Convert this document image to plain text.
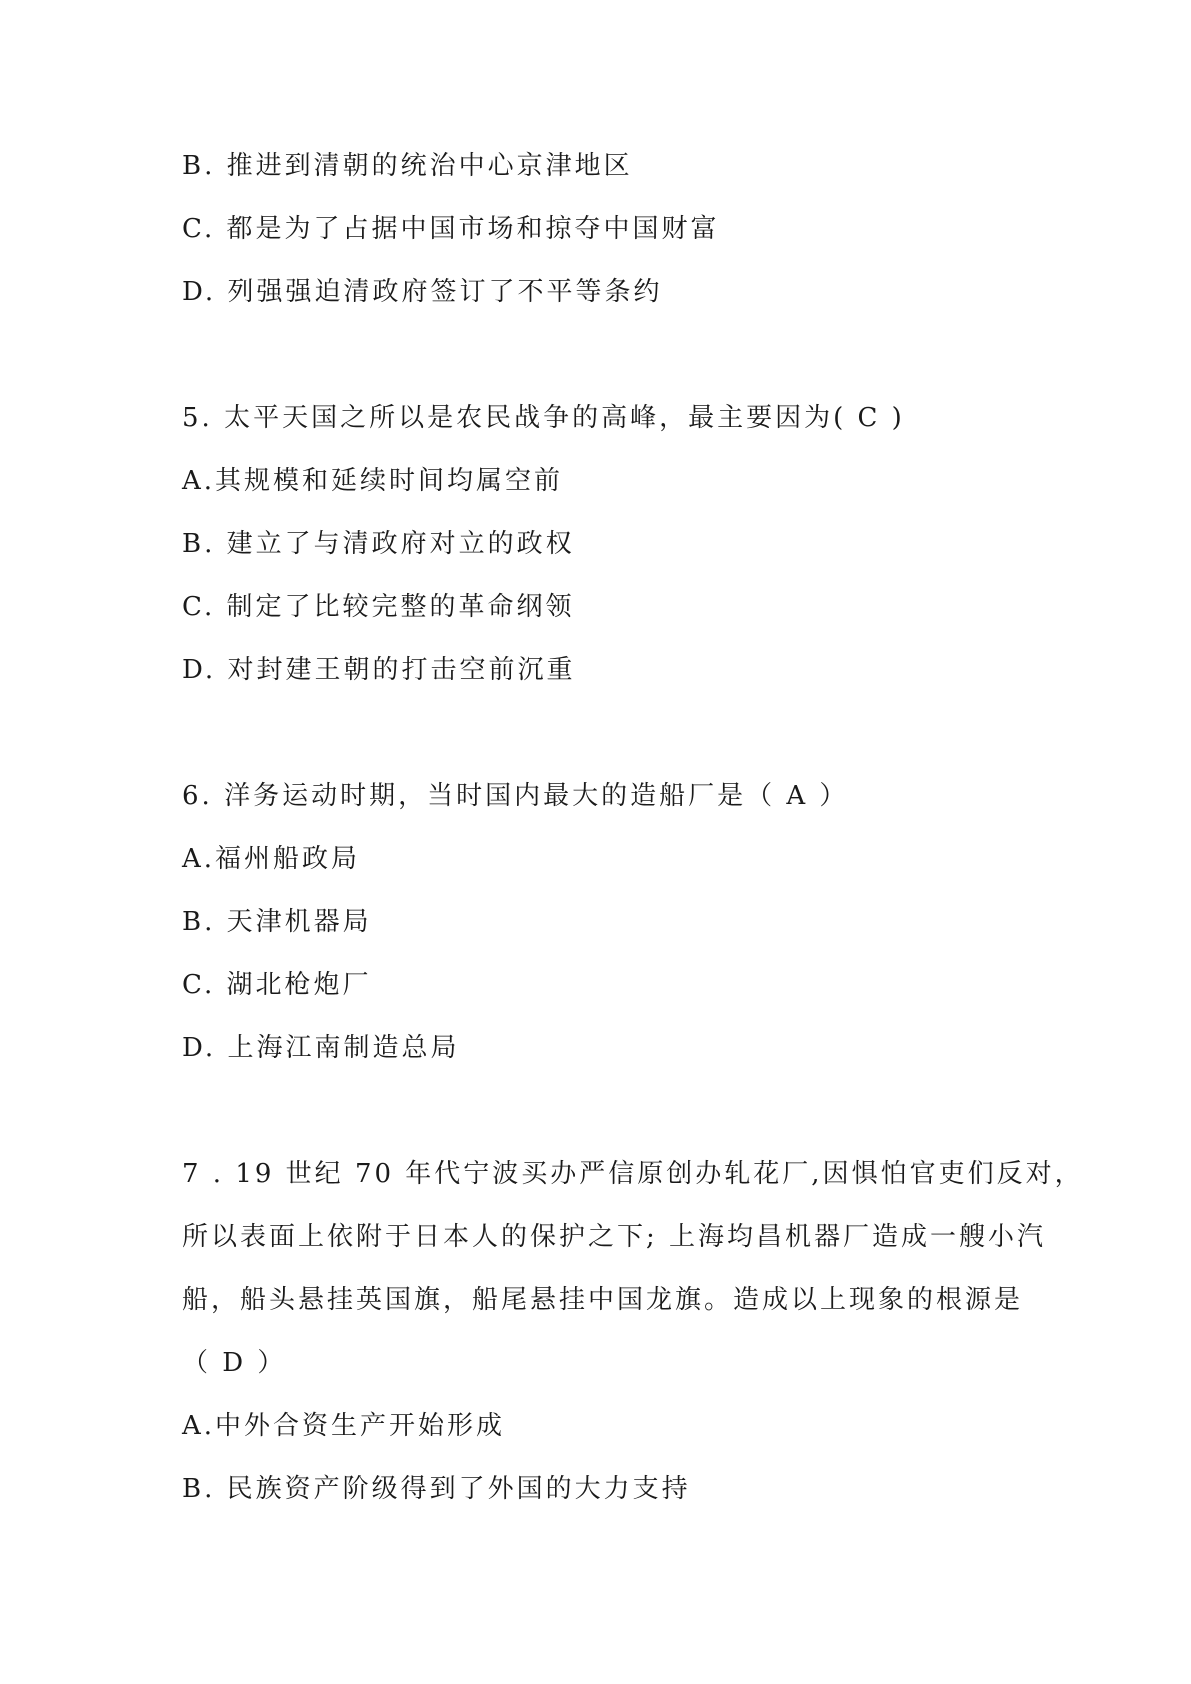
B. 推进到清朝的统治中心京津地区
C. 都是为了占据中国市场和掠夺中国财富
D. 列强强迫清政府签订了不平等条约
5. 太平天国之所以是农民战争的高峰，最主要因为( C )
A.其规模和延续时间均属空前
B. 建立了与清政府对立的政权
C. 制定了比较完整的革命纲领
D. 对封建王朝的打击空前沉重
6. 洋务运动时期，当时国内最大的造船厂是（ A ）
A.福州船政局
B. 天津机器局
C. 湖北枪炮厂
D. 上海江南制造总局
7 . 19 世纪 70 年代宁波买办严信原创办轧花厂,因惧怕官吏们反对，
所以表面上依附于日本人的保护之下; 上海均昌机器厂造成一艘小汽
船，船头悬挂英国旗，船尾悬挂中国龙旗。造成以上现象的根源是
（ D ）
A.中外合资生产开始形成
B. 民族资产阶级得到了外国的大力支持
